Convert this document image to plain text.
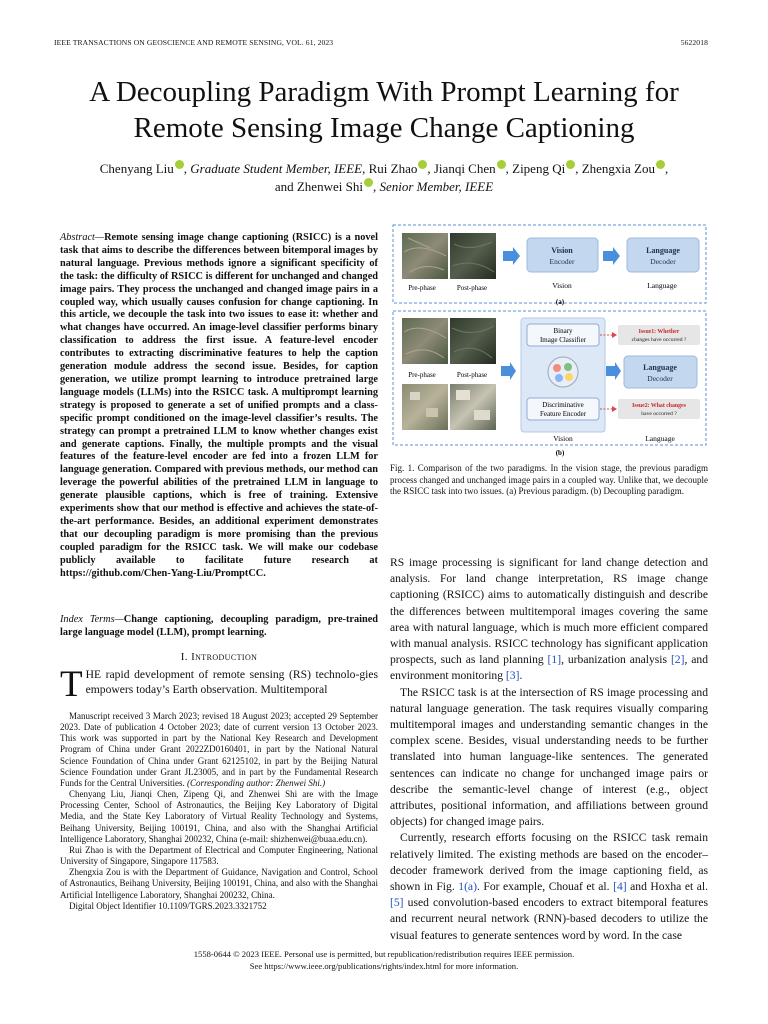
IEEE TRANSACTIONS ON GEOSCIENCE AND REMOTE SENSING, VOL. 61, 2023	5622018
A Decoupling Paradigm With Prompt Learning for
Remote Sensing Image Change Captioning
Chenyang Liu , Graduate Student Member, IEEE, Rui Zhao , Jianqi Chen , Zipeng Qi , Zhengxia Zou ,
and Zhenwei Shi , Senior Member, IEEE
Abstract—Remote sensing image change captioning (RSICC) is a novel task that aims to describe the differences between bitemporal images by natural language. Previous methods ignore a significant specificity of the task: the difficulty of RSICC is different for unchanged and changed image pairs. They process the unchanged and changed image pairs in a coupled way, which usually causes confusion for change captioning. In this article, we decouple the task into two issues to ease it: whether and what changes have occurred. An image-level classifier performs binary classification to address the first issue. A feature-level encoder contributes to extracting discriminative features to help the caption generation module address the second issue. Besides, for caption generation, we utilize prompt learning to introduce pretrained large language models (LLMs) into the RSICC task. A multiprompt learning strategy is proposed to generate a set of unified prompts and a class-specific prompt conditioned on the image-level classifier’s results. The strategy can prompt a pretrained LLM to know whether changes exist and generate captions. Finally, the multiple prompts and the visual features of the feature-level encoder are fed into a frozen LLM for language generation. Compared with previous methods, our method can leverage the powerful abilities of the pretrained LLM in language to generate plausible captions, which is free of training. Extensive experiments show that our method is effective and achieves the state-of-the-art performance. Besides, an additional experiment demonstrates that our decoupling paradigm is more promising than the previous coupled paradigm for the RSICC task. We will make our codebase publicly available to facilitate future research at https://github.com/Chen-Yang-Liu/PromptCC.
Index Terms—Change captioning, decoupling paradigm, pre-trained large language model (LLM), prompt learning.
I. Introduction
THE rapid development of remote sensing (RS) technolo-gies empowers today’s Earth observation. Multitemporal

Manuscript received 3 March 2023; revised 18 August 2023; accepted 29 September 2023. Date of publication 4 October 2023; date of current version 13 October 2023. This work was supported in part by the National Key Research and Development Program of China under Grant 2022ZD0160401, in part by the National Natural Science Foundation of China under Grant 62125102, in part by the Beijing Natural Science Foundation under Grant JL23005, and in part by the Fundamental Research Funds for the Central Universities. (Corresponding author: Zhenwei Shi.)

Chenyang Liu, Jianqi Chen, Zipeng Qi, and Zhenwei Shi are with the Image Processing Center, School of Astronautics, the Beijing Key Laboratory of Digital Media, and the State Key Laboratory of Virtual Reality Technology and Systems, Beihang University, Beijing 100191, China, and also with the Shanghai Artificial Intelligence Laboratory, Shanghai 200232, China (e-mail: shizhenwei@buaa.edu.cn).

Rui Zhao is with the Department of Electrical and Computer Engineering, National University of Singapore, Singapore 117583.

Zhengxia Zou is with the Department of Guidance, Navigation and Control, School of Astronautics, Beihang University, Beijing 100191, China, and also with the Shanghai Artificial Intelligence Laboratory, Shanghai 200232, China.

Digital Object Identifier 10.1109/TGRS.2023.3321752

Vision
Encoder
Language
Decoder
Pre-phase	Post-phase	Vision	Language
(a)
Pre-phase	Post-phase
Binary
Image Classifier
Discriminative
Feature Encoder
Vision
Issue1: Whether
changes have occurred ?
Language
Decoder
Issue2: What changes
have occurred ?
Language
(b)
Fig. 1. Comparison of the two paradigms. In the vision stage, the previous paradigm process changed and unchanged image pairs in a coupled way. Unlike that, we decouple the RSICC task into two issues. (a) Previous paradigm. (b) Decoupling paradigm.

RS image processing is significant for land change detection and analysis. For land change interpretation, RS image change captioning (RSICC) aims to automatically distinguish and describe the differences between multitemporal images covering the same area with natural language, which is much more efficient compared with manual analysis. RSICC technology has significant application prospects, such as land planning [1], urbanization analysis [2], and environment monitoring [3].

The RSICC task is at the intersection of RS image processing and natural language generation. The task requires visually comparing multitemporal images and understanding semantic changes in the complex scene. Besides, visual understanding needs to be further translated into human language-like sentences. The generated sentences can indicate no change for unchanged image pairs or describe the semantic-level change of interest (e.g., object attributes, positional information, and affiliations between ground objects) for changed image pairs.

Currently, research efforts focusing on the RSICC task remain relatively limited. The existing methods are based on the encoder–decoder framework derived from the image captioning field, as shown in Fig. 1(a). For example, Chouaf et al. [4] and Hoxha et al. [5] used convolution-based encoders to extract bitemporal features and recurrent neural network (RNN)-based decoders to utilize the visual features to generate sentences word by word. In the case

1558-0644 © 2023 IEEE. Personal use is permitted, but republication/redistribution requires IEEE permission.
See https://www.ieee.org/publications/rights/index.html for more information.
